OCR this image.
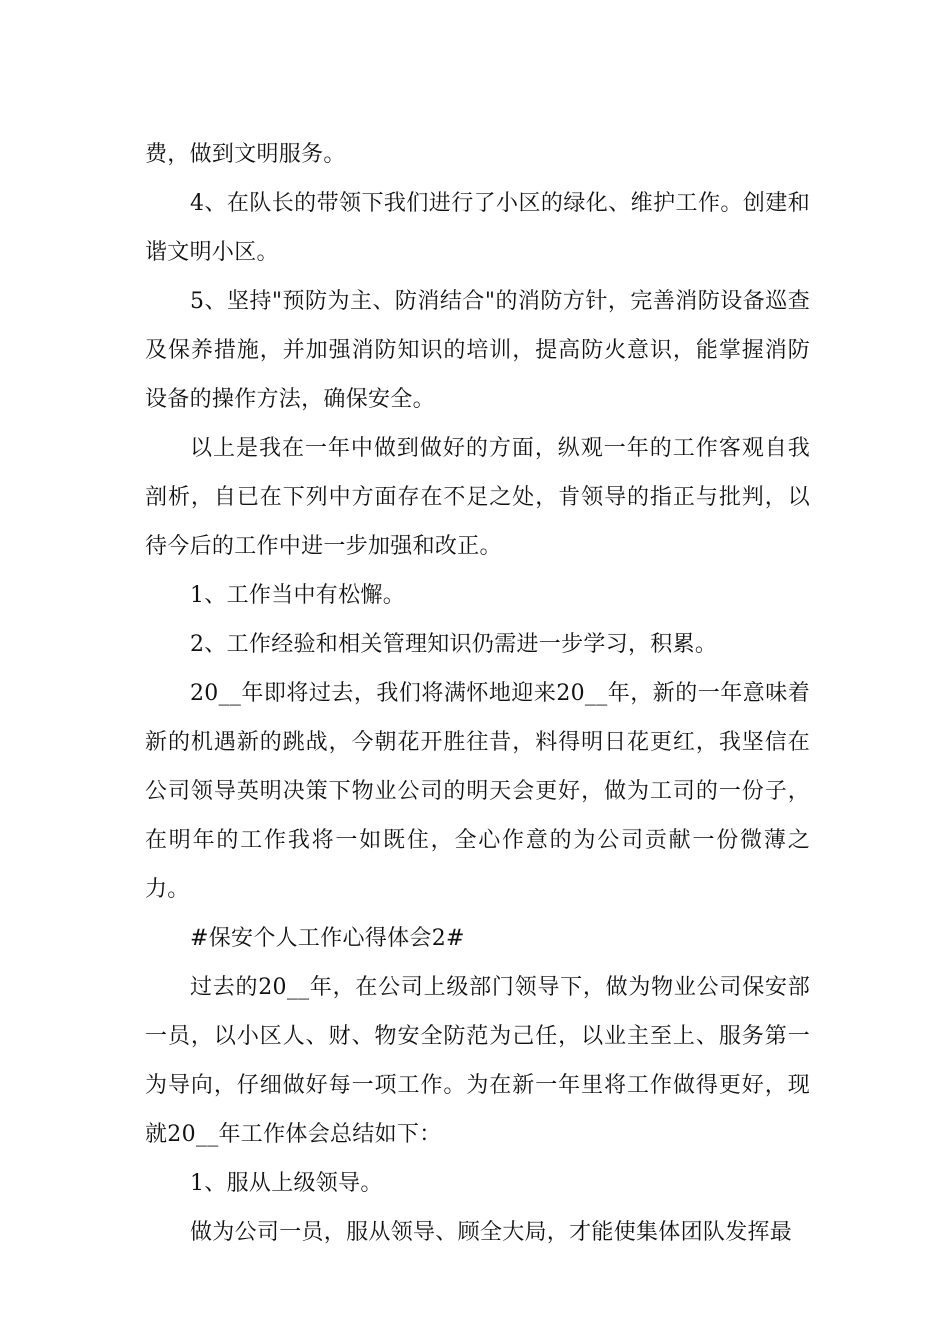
费，做到文明服务。

4、在队长的带领下我们进行了小区的绿化、维护工作。创建和谐文明小区。

5、坚持"预防为主、防消结合"的消防方针，完善消防设备巡查及保养措施，并加强消防知识的培训，提高防火意识，能掌握消防设备的操作方法，确保安全。

以上是我在一年中做到做好的方面，纵观一年的工作客观自我剖析，自已在下列中方面存在不足之处，肯领导的指正与批判，以待今后的工作中进一步加强和改正。

1、工作当中有松懈。

2、工作经验和相关管理知识仍需进一步学习，积累。

20__年即将过去，我们将满怀地迎来20__年，新的一年意味着新的机遇新的跳战，今朝花开胜往昔，料得明日花更红，我坚信在公司领导英明决策下物业公司的明天会更好，做为工司的一份子，在明年的工作我将一如既住，全心作意的为公司贡献一份微薄之力。

#保安个人工作心得体会2#

过去的20__年，在公司上级部门领导下，做为物业公司保安部一员，以小区人、财、物安全防范为己任，以业主至上、服务第一为导向，仔细做好每一项工作。为在新一年里将工作做得更好，现就20__年工作体会总结如下：

1、服从上级领导。

做为公司一员，服从领导、顾全大局，才能使集体团队发挥最
